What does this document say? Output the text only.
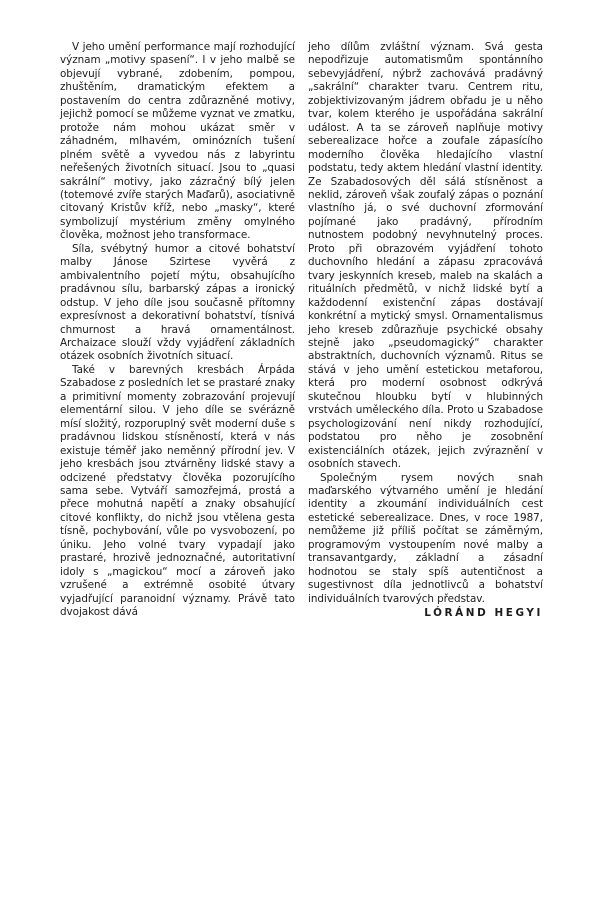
V jeho umění performance mají rozhodující význam „motivy spasení“. I v jeho malbě se objevují vybrané, zdobením, pompou, zhuštěním, dramatickým efektem a postavením do centra zdůrazněné motivy, jejichž pomocí se můžeme vyznat ve zmatku, protože nám mohou ukázat směr v záhadném, mlhavém, ominózních tušení plném světě a vyvedou nás z labyrintu neřešených životních situací. Jsou to „quasi sakrální“ motivy, jako zázračný bílý jelen (totemové zvíře starých Maďarů), asociativně citovaný Kristův kříž, nebo „masky“, které symbolizují mystérium změny omylného člověka, možnost jeho transformace.

Síla, svébytný humor a citové bohatství malby Jánose Szirtese vyvěrá z ambivalentního pojetí mýtu, obsahujícího pradávnou sílu, barbarský zápas a ironický odstup. V jeho díle jsou současně přítomny expresívnost a dekorativní bohatství, tísnivá chmurnost a hravá ornamentálnost. Archaizace slouží vždy vyjádření základních otázek osobních životních situací.

Také v barevných kresbách Árpáda Szabadose z posledních let se prastaré znaky a primitivní momenty zobrazování projevují elementární silou. V jeho díle se svérázně mísí složitý, rozporuplný svět moderní duše s pradávnou lidskou stísněností, která v nás existuje téměř jako neměnný přírodní jev. V jeho kresbách jsou ztvárněny lidské stavy a odcizené předstatvy člověka pozorujícího sama sebe. Vytváří samozřejmá, prostá a přece mohutná napětí a znaky obsahující citové konflikty, do nichž jsou vtělena gesta tísně, pochybování, vůle po vysvobození, po úniku. Jeho volné tvary vypadají jako prastaré, hrozivě jednoznačné, autoritativní idoly s „magickou“ mocí a zároveň jako vzrušené a extrémně osobité útvary vyjadřující paranoidní významy. Právě tato dvojakost dává

jeho dílům zvláštní význam. Svá gesta nepodřizuje automatismům spontánního sebevyjádření, nýbrž zachovává pradávný „sakrální“ charakter tvaru. Centrem ritu, zobjektivizovaným jádrem obřadu je u něho tvar, kolem kterého je uspořádána sakrální událost. A ta se zároveň naplňuje motivy seberealizace hořce a zoufale zápasícího moderního člověka hledajícího vlastní podstatu, tedy aktem hledání vlastní identity. Ze Szabadosových děl sálá stísněnost a neklid, zároveň však zoufalý zápas o poznání vlastního já, o své duchovní zformování pojímané jako pradávný, přírodním nutnostem podobný nevyhnutelný proces. Proto při obrazovém vyjádření tohoto duchovního hledání a zápasu zpracovává tvary jeskynních kreseb, maleb na skalách a rituálních předmětů, v nichž lidské bytí a každodenní existenční zápas dostávají konkrétní a mytický smysl. Ornamentalismus jeho kreseb zdůrazňuje psychické obsahy stejně jako „pseudomagický“ charakter abstraktních, duchovních významů. Ritus se stává v jeho umění estetickou metaforou, která pro moderní osobnost odkrývá skutečnou hloubku bytí v hlubinných vrstvách uměleckého díla. Proto u Szabadose psychologizování není nikdy rozhodující, podstatou pro něho je zosobnění existenciálních otázek, jejich zvýraznění v osobních stavech.

Společným rysem nových snah maďarského výtvarného umění je hledání identity a zkoumání individuálních cest estetické seberealizace. Dnes, v roce 1987, nemůžeme již příliš počítat se záměrným, programovým vystoupením nové malby a transavantgardy, základní a zásadní hodnotou se staly spíš autentičnost a sugestivnost díla jednotlivců a bohatství individuálních tvarových představ.

LÓRÁND HEGYI
